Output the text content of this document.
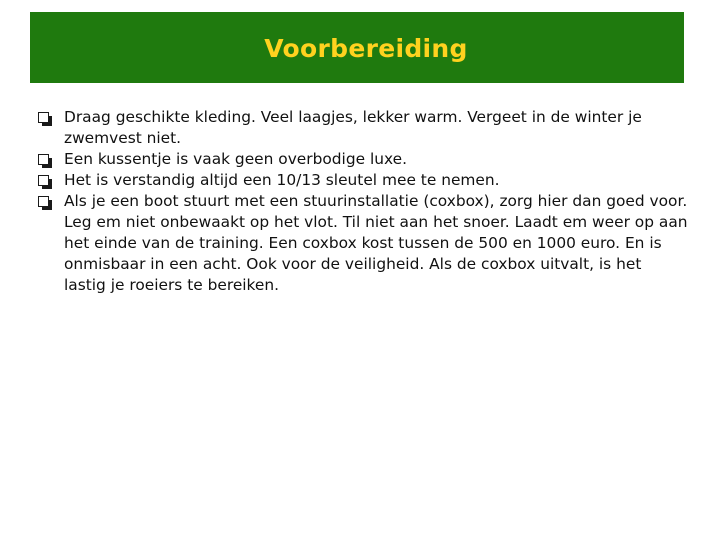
Voorbereiding
Draag geschikte kleding. Veel laagjes, lekker warm. Vergeet in de winter je zwemvest niet.
Een kussentje is vaak geen overbodige luxe.
Het is verstandig altijd een 10/13 sleutel mee te nemen.
Als je een boot stuurt met een stuurinstallatie (coxbox), zorg hier dan goed voor. Leg em niet onbewaakt op het vlot. Til niet aan het snoer. Laadt em weer op aan het einde van de training. Een coxbox kost tussen de 500 en 1000 euro. En is onmisbaar in een acht. Ook voor de veiligheid. Als de coxbox uitvalt, is het lastig je roeiers te bereiken.
